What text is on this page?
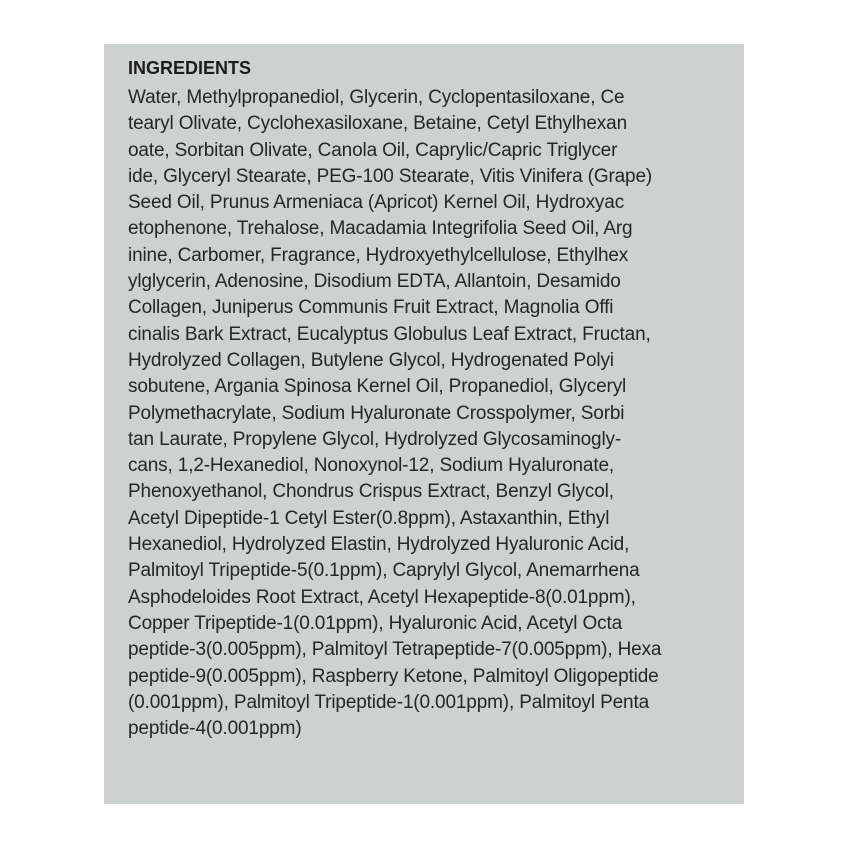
INGREDIENTS
Water, Methylpropanediol, Glycerin, Cyclopentasiloxane, Ce
tearyl Olivate, Cyclohexasiloxane, Betaine, Cetyl Ethylhexan
oate, Sorbitan Olivate, Canola Oil, Caprylic/Capric Triglycer
ide, Glyceryl Stearate, PEG-100 Stearate, Vitis Vinifera (Grape)
Seed Oil, Prunus Armeniaca (Apricot) Kernel Oil, Hydroxyac
etophenone, Trehalose, Macadamia Integrifolia Seed Oil, Arg
inine, Carbomer, Fragrance, Hydroxyethylcellulose, Ethylhex
ylglycerin, Adenosine, Disodium EDTA, Allantoin, Desamido
Collagen, Juniperus Communis Fruit Extract, Magnolia Offi
cinalis Bark Extract, Eucalyptus Globulus Leaf Extract, Fructan,
Hydrolyzed Collagen, Butylene Glycol, Hydrogenated Polyi
sobutene, Argania Spinosa Kernel Oil, Propanediol, Glyceryl
Polymethacrylate, Sodium Hyaluronate Crosspolymer, Sorbi
tan Laurate, Propylene Glycol, Hydrolyzed Glycosaminogly-
cans, 1,2-Hexanediol, Nonoxynol-12, Sodium Hyaluronate,
Phenoxyethanol, Chondrus Crispus Extract, Benzyl Glycol,
Acetyl Dipeptide-1 Cetyl Ester(0.8ppm), Astaxanthin, Ethyl
Hexanediol, Hydrolyzed Elastin, Hydrolyzed Hyaluronic Acid,
Palmitoyl Tripeptide-5(0.1ppm), Caprylyl Glycol, Anemarrhena
Asphodeloides Root Extract, Acetyl Hexapeptide-8(0.01ppm),
Copper Tripeptide-1(0.01ppm), Hyaluronic Acid, Acetyl Octa
peptide-3(0.005ppm), Palmitoyl Tetrapeptide-7(0.005ppm), Hexa
peptide-9(0.005ppm), Raspberry Ketone, Palmitoyl Oligopeptide
(0.001ppm), Palmitoyl Tripeptide-1(0.001ppm), Palmitoyl Penta
peptide-4(0.001ppm)
